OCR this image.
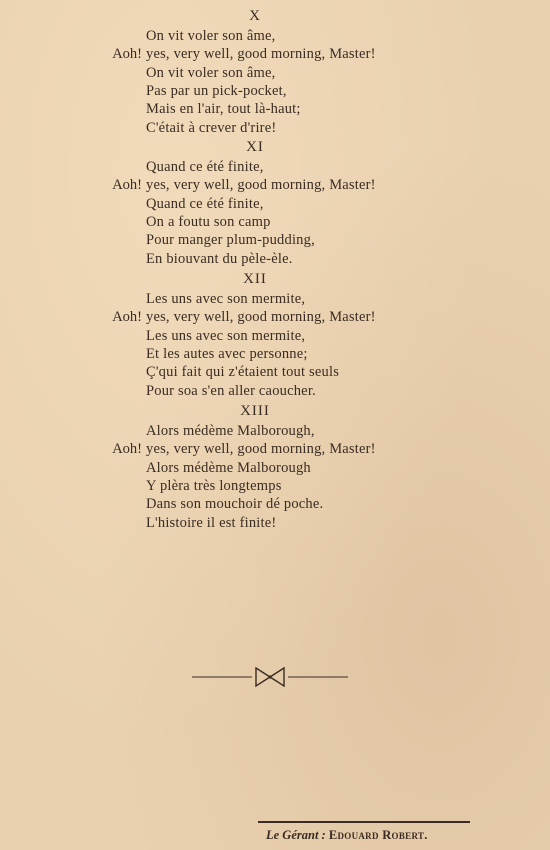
X
On vit voler son âme,
Aoh! yes, very well, good morning, Master!
On vit voler son âme,
Pas par un pick-pocket,
Mais en l'air, tout là-haut;
C'était à crever d'rire!
XI
Quand ce été finite,
Aoh! yes, very well, good morning, Master!
Quand ce été finite,
On a foutu son camp
Pour manger plum-pudding,
En biouvant du pèle-èle.
XII
Les uns avec son mermite,
Aoh! yes, very well, good morning, Master!
Les uns avec son mermite,
Et les autes avec personne;
Ç'qui fait qui z'étaient tout seuls
Pour soa s'en aller caoucher.
XIII
Alors médème Malborough,
Aoh! yes, very well, good morning, Master!
Alors médème Malborough
Y plèra très longtemps
Dans son mouchoir dé poche.
L'histoire il est finite!
Le Gérant : Edouard Robert.
